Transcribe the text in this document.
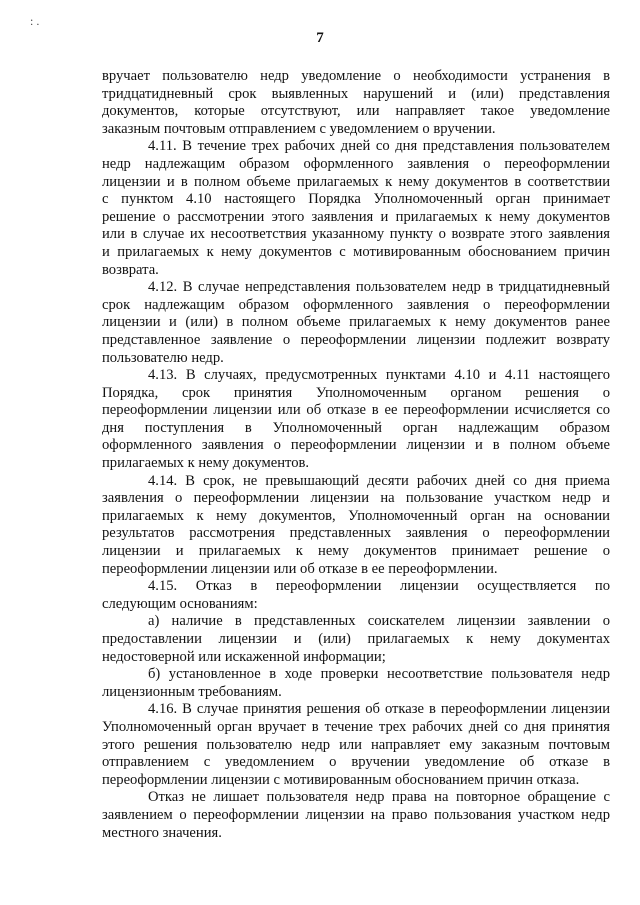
: .
7
вручает пользователю недр уведомление о необходимости устранения в
тридцатидневный срок выявленных нарушений и (или) представления
документов, которые отсутствуют, или направляет такое уведомление
заказным почтовым отправлением с уведомлением о вручении.
4.11. В течение трех рабочих дней со дня представления пользователем
недр надлежащим образом оформленного заявления о переоформлении
лицензии и в полном объеме прилагаемых к нему документов в соответствии
с пунктом 4.10 настоящего Порядка Уполномоченный орган принимает
решение о рассмотрении этого заявления и прилагаемых к нему документов
или в случае их несоответствия указанному пункту о возврате этого заявления
и прилагаемых к нему документов с мотивированным обоснованием причин
возврата.
4.12. В случае непредставления пользователем недр в тридцатидневный
срок надлежащим образом оформленного заявления о переоформлении
лицензии и (или) в полном объеме прилагаемых к нему документов ранее
представленное заявление о переоформлении лицензии подлежит возврату
пользователю недр.
4.13. В случаях, предусмотренных пунктами 4.10 и 4.11 настоящего
Порядка, срок принятия Уполномоченным органом решения о
переоформлении лицензии или об отказе в ее переоформлении исчисляется со
дня поступления в Уполномоченный орган надлежащим образом
оформленного заявления о переоформлении лицензии и в полном объеме
прилагаемых к нему документов.
4.14. В срок, не превышающий десяти рабочих дней со дня приема
заявления о переоформлении лицензии на пользование участком недр и
прилагаемых к нему документов, Уполномоченный орган на основании
результатов рассмотрения представленных заявления о переоформлении
лицензии и прилагаемых к нему документов принимает решение о
переоформлении лицензии или об отказе в ее переоформлении.
4.15. Отказ в переоформлении лицензии осуществляется по
следующим основаниям:
а) наличие в представленных соискателем лицензии заявлении о
предоставлении лицензии и (или) прилагаемых к нему документах
недостоверной или искаженной информации;
б) установленное в ходе проверки несоответствие пользователя недр
лицензионным требованиям.
4.16. В случае принятия решения об отказе в переоформлении лицензии
Уполномоченный орган вручает в течение трех рабочих дней со дня принятия
этого решения пользователю недр или направляет ему заказным почтовым
отправлением с уведомлением о вручении уведомление об отказе в
переоформлении лицензии с мотивированным обоснованием причин отказа.
Отказ не лишает пользователя недр права на повторное обращение с
заявлением о переоформлении лицензии на право пользования участком недр
местного значения.
